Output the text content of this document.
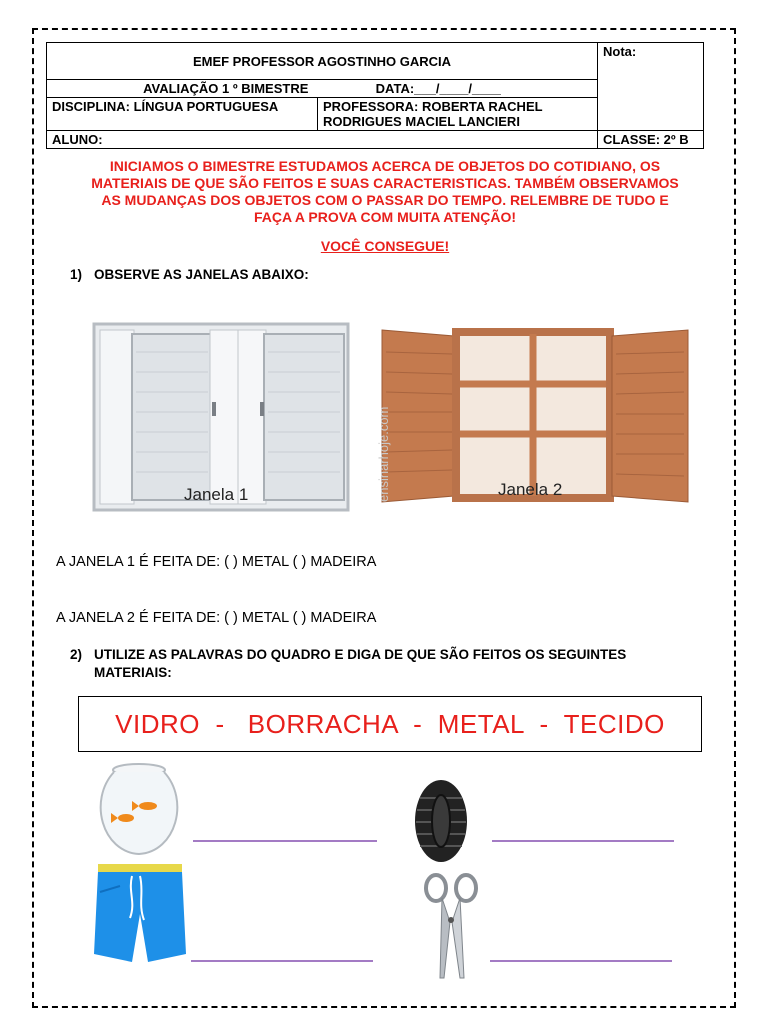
EMEF PROFESSOR AGOSTINHO GARCIA		Nota:
AVALIAÇÃO 1 º BIMESTRE DATA:___/____/____		
DISCIPLINA: LÍNGUA PORTUGUESA	PROFESSORA: ROBERTA RACHEL
RODRIGUES MACIEL LANCIERI	

ALUNO:		CLASSE: 2º B
INICIAMOS O BIMESTRE ESTUDAMOS ACERCA DE OBJETOS DO COTIDIANO, OS
MATERIAIS DE QUE SÃO FEITOS E SUAS CARACTERISTICAS. TAMBÉM OBSERVAMOS
AS MUDANÇAS DOS OBJETOS COM O PASSAR DO TEMPO. RELEMBRE DE TUDO E
FAÇA A PROVA COM MUITA ATENÇÃO!
VOCÊ CONSEGUE!
1) OBSERVE AS JANELAS ABAIXO:
Janela 1	Janela 2
ensinarhoje.com
A JANELA 1 É FEITA DE: ( ) METAL ( ) MADEIRA
A JANELA 2 É FEITA DE: ( ) METAL ( ) MADEIRA
2) UTILIZE AS PALAVRAS DO QUADRO E DIGA DE QUE SÃO FEITOS OS SEGUINTES
MATERIAIS:
VIDRO  -   BORRACHA  -  METAL  -  TECIDO
